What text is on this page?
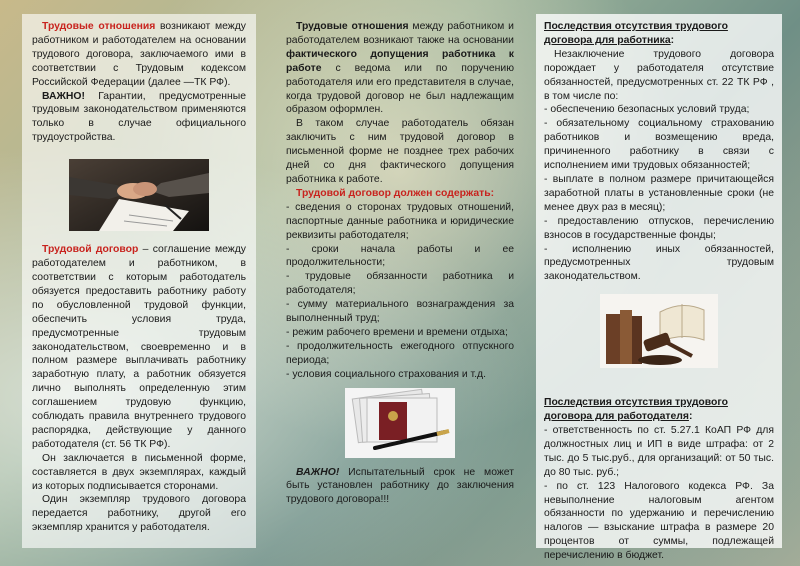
Трудовые отношения возникают между работником и работодателем на основании трудового договора, заключаемого ими в соответствии с Трудовым кодексом Российской Федерации (далее —ТК РФ).

ВАЖНО! Гарантии, предусмотренные трудовым законодательством применяются только в случае официального трудоустройства.

Трудовой договор – соглашение между работодателем и работником, в соответствии с которым работодатель обязуется предоставить работнику работу по обусловленной трудовой функции, обеспечить условия труда, предусмотренные трудовым законодательством, своевременно и в полном размере выплачивать работнику заработную плату, а работник обязуется лично выполнять определенную этим соглашением трудовую функцию, соблюдать правила внутреннего трудового распорядка, действующие у данного работодателя (ст. 56 ТК РФ).

Он заключается в письменной форме, составляется в двух экземплярах, каждый из которых подписывается сторонами.

Один экземпляр трудового договора передается работнику, другой его экземпляр хранится у работодателя.

Трудовые отношения между работником и работодателем возникают также на основании фактического допущения работника к работе с ведома или по поручению работодателя или его представителя в случае, когда трудовой договор не был надлежащим образом оформлен.

В таком случае работодатель обязан заключить с ним трудовой договор в письменной форме не позднее трех рабочих дней со дня фактического допущения работника к работе.

Трудовой договор должен содержать:

- сведения о сторонах трудовых отношений, паспортные данные работника и юридические реквизиты работодателя;

- сроки начала работы и ее продолжительности;

- трудовые обязанности работника и работодателя;

- сумму материального вознаграждения за выполненный труд;

- режим рабочего времени и времени отдыха;

- продолжительность ежегодного отпускного периода;

- условия социального страхования и т.д.

ВАЖНО! Испытательный срок не может быть установлен работнику до заключения трудового договора!!!

Последствия отсутствия трудового договора для работника:

Незаключение трудового договора порождает у работодателя отсутствие обязанностей, предусмотренных ст. 22 ТК РФ , в том числе по:

- обеспечению безопасных условий труда;

- обязательному социальному страхованию работников и возмещению вреда, причиненного работнику в связи с исполнением ими трудовых обязанностей;

- выплате в полном размере причитающейся заработной платы в установленные сроки (не менее двух раз в месяц);

- предоставлению отпусков, перечислению взносов в государственные фонды;

- исполнению иных обязанностей, предусмотренных трудовым законодательством.

Последствия отсутствия трудового договора для работодателя:

- ответственность по ст. 5.27.1 КоАП РФ для должностных лиц и ИП в виде штрафа: от 2 тыс. до 5 тыс.руб., для организаций: от 50 тыс. до 80 тыс. руб.;

- по ст. 123 Налогового кодекса РФ. За невыполнение налоговым агентом обязанности по удержанию и перечислению налогов — взыскание штрафа в размере 20 процентов от суммы, подлежащей перечислению в бюджет.
